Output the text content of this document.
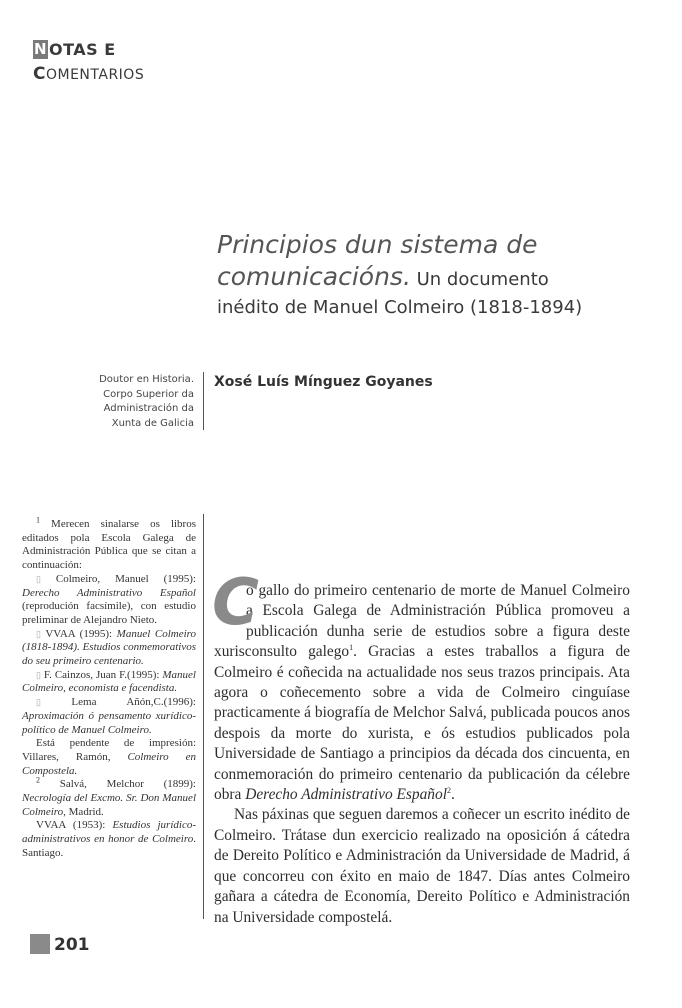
N OTAS E
COMENTARIOS
Principios dun sistema de
comunicacións. Un documento
inédito de Manuel Colmeiro (1818-1894)
Doutor en Historia.
Corpo Superior da
Administración da
Xunta de Galicia
Xosé Luís Mínguez Goyanes

$^1$ Merecen sinalarse os libros editados pola Escola Galega de Administración Pública que se citan a continuación:

▯ Colmeiro, Manuel (1995): Derecho Administrativo Español (reprodución facsímile), con estudio preliminar de Alejandro Nieto.

▯ VVAA (1995): Manuel Colmeiro (1818-1894). Estudios conmemorativos do seu primeiro centenario.

▯ F. Cainzos, Juan F.(1995): Manuel Colmeiro, economista e facendista.

▯ Lema Añón,C.(1996): Aproximación ó pensamento xurídico-político de Manuel Colmeiro.

Está pendente de impresión: Villares, Ramón, Colmeiro en Compostela.

$^2$ Salvá, Melchor (1899): Necrología del Excmo. Sr. Don Manuel Colmeiro, Madrid.

VVAA (1953): Estudios jurídico-administrativos en honor de Colmeiro. Santiago.

C
o gallo do primeiro centenario de morte de Manuel Colmeiro a Escola Galega de Administración Pública promoveu a publicación dunha serie de estudios sobre a figura deste xurisconsulto galego$^1$. Gracias a estes traballos a figura de Colmeiro é coñecida na actualidade nos seus trazos principais. Ata agora o coñecemento sobre a vida de Colmeiro cinguíase practicamente á biografía de Melchor Salvá, publicada poucos anos despois da morte do xurista, e ós estudios publicados pola Universidade de Santiago a principios da década dos cincuenta, en conmemoración do primeiro centenario da publicación da célebre obra Derecho Administrativo Español$^2$.

Nas páxinas que seguen daremos a coñecer un escrito inédito de Colmeiro. Trátase dun exercicio realizado na oposición á cátedra de Dereito Político e Administración da Universidade de Madrid, á que concorreu con éxito en maio de 1847. Días antes Colmeiro gañara a cátedra de Economía, Dereito Político e Administración na Universidade compostelá.

201
